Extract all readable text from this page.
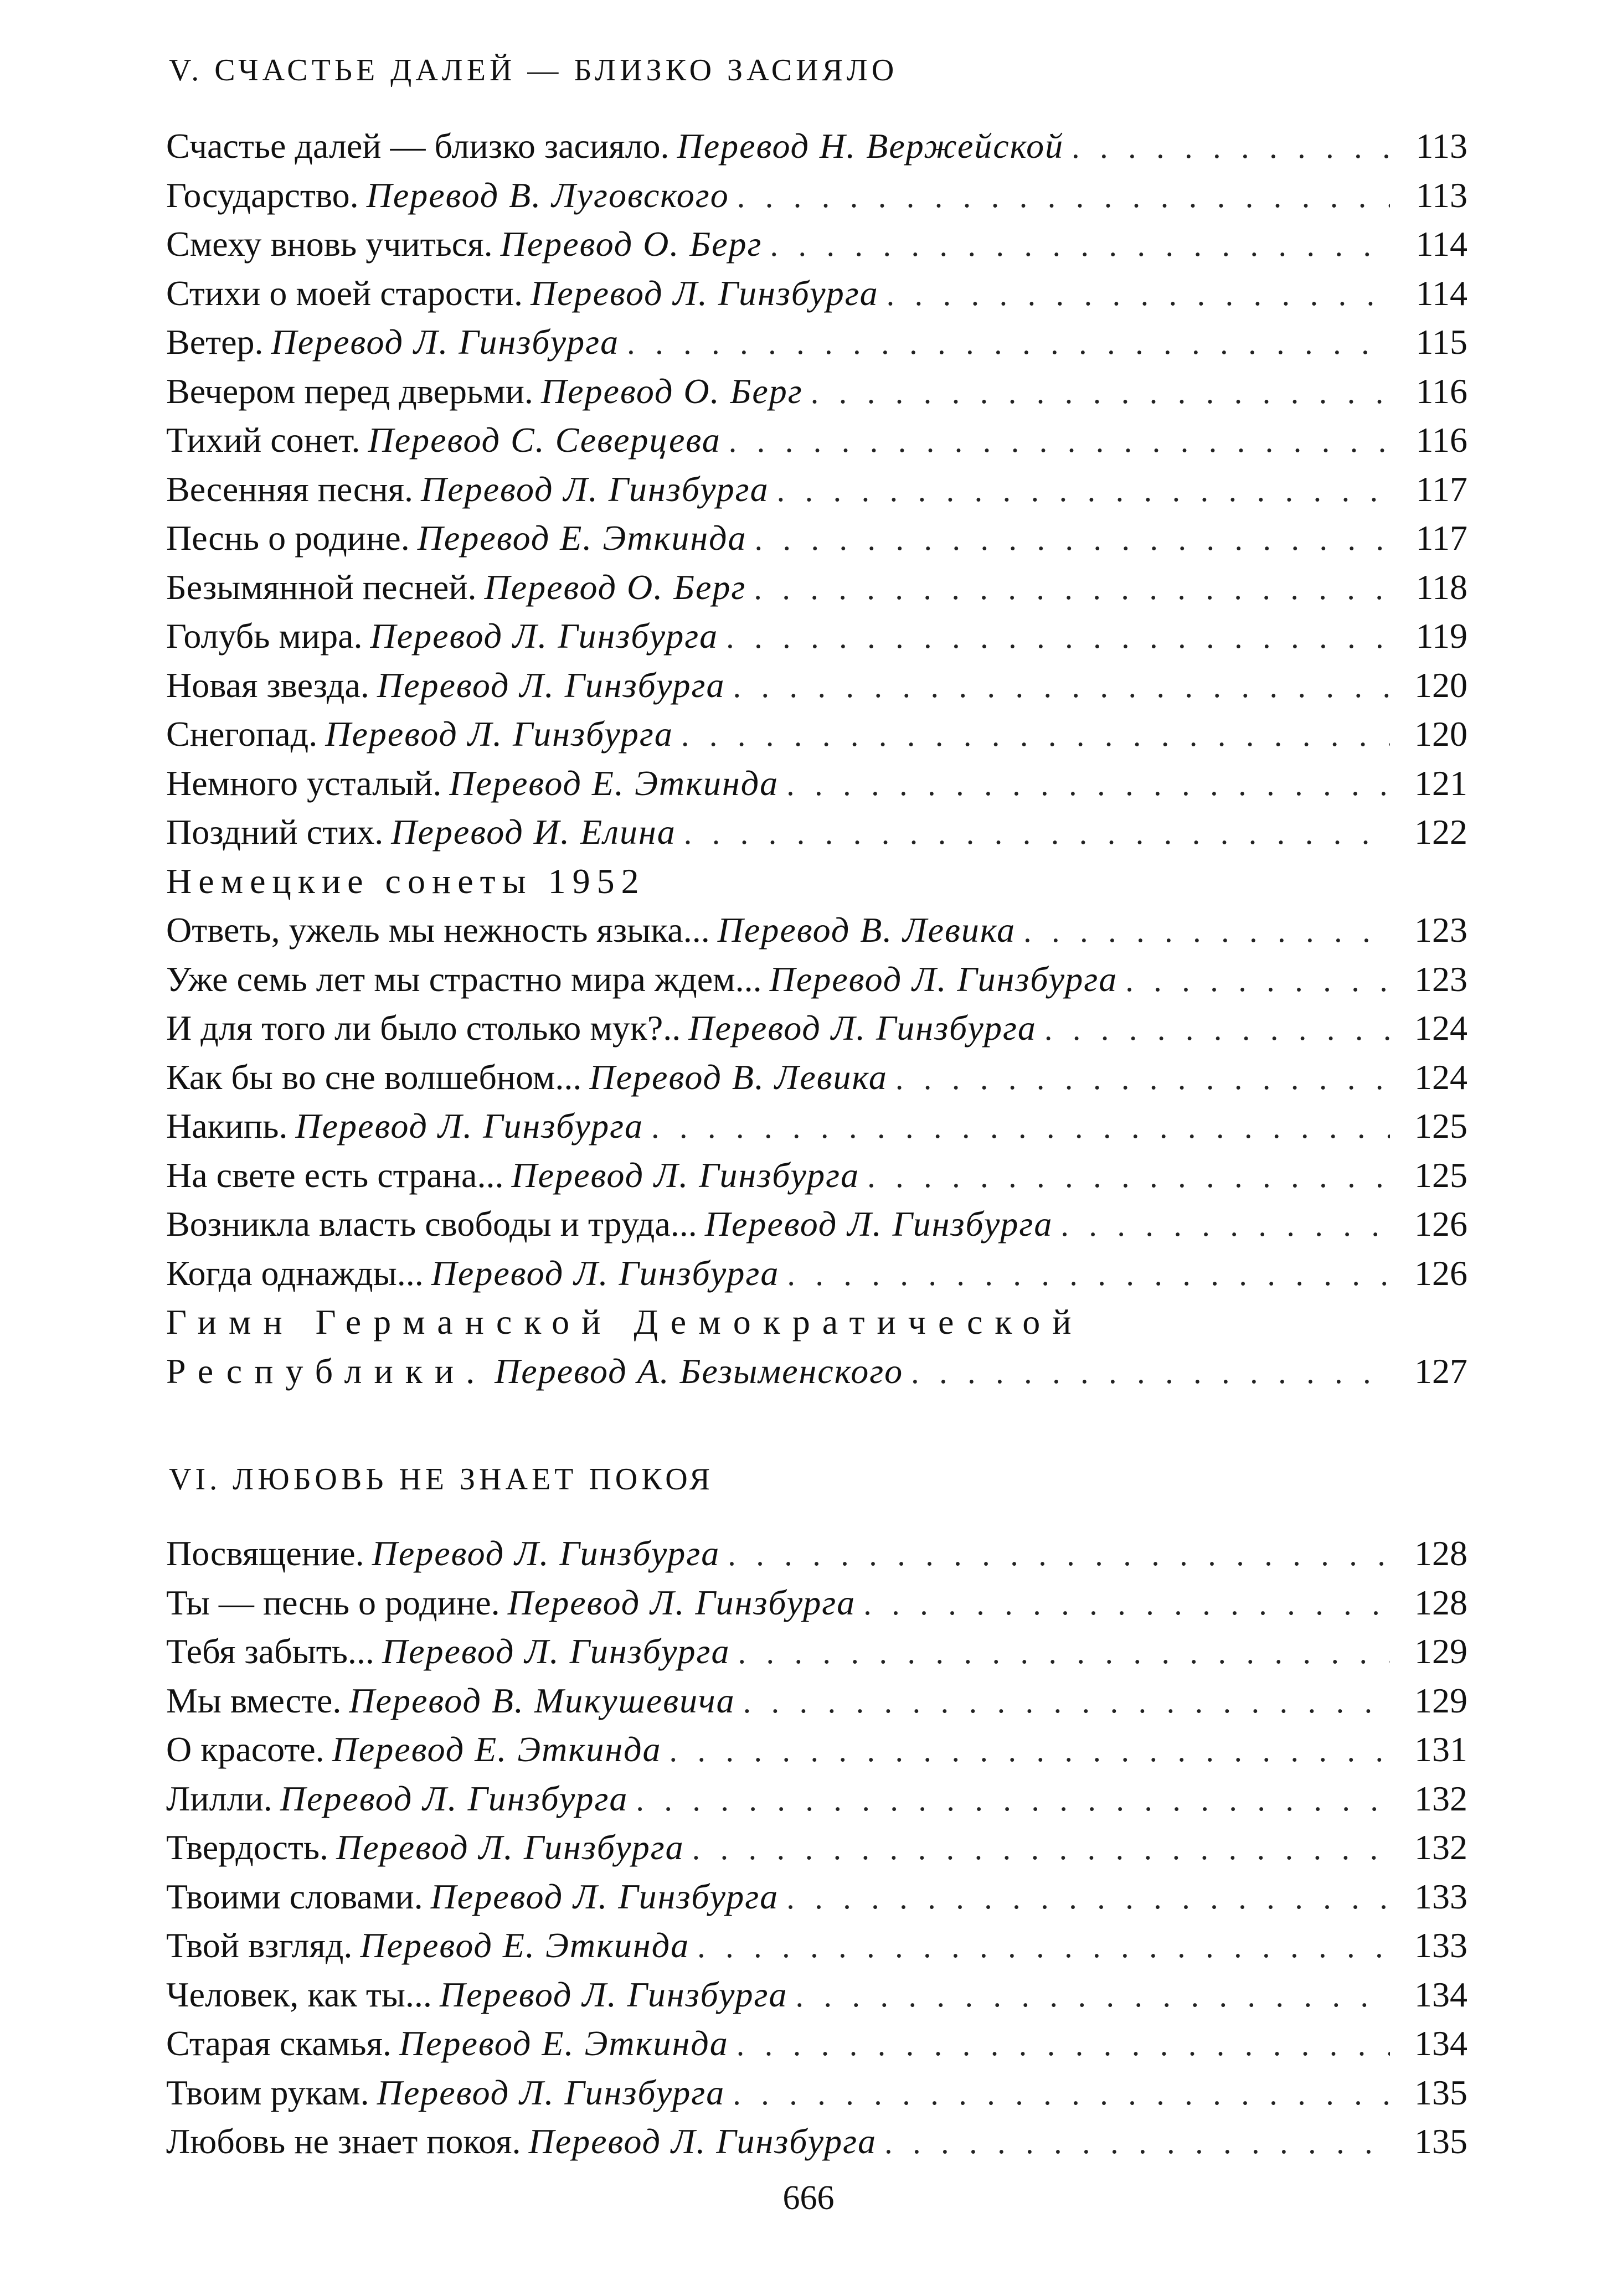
V. СЧАСТЬЕ ДАЛЕЙ — БЛИЗКО ЗАСИЯЛО
Счастье далей — близко засияло. Перевод Н. Вержейской . . .	113
Государство. Перевод В. Луговского . . .	113
Смеху вновь учиться. Перевод О. Берг . . .	114
Стихи о моей старости. Перевод Л. Гинзбурга . . .	114
Ветер. Перевод Л. Гинзбурга . . .	115
Вечером перед дверьми. Перевод О. Берг . . .	116
Тихий сонет. Перевод С. Северцева . . .	116
Весенняя песня. Перевод Л. Гинзбурга . . .	117
Песнь о родине. Перевод Е. Эткинда . . .	117
Безымянной песней. Перевод О. Берг . . .	118
Голубь мира. Перевод Л. Гинзбурга . . .	119
Новая звезда. Перевод Л. Гинзбурга . . .	120
Снегопад. Перевод Л. Гинзбурга . . .	120
Немного усталый. Перевод Е. Эткинда . . .	121
Поздний стих. Перевод И. Елина . . .	122
Немецкие сонеты 1952
Ответь, ужель мы нежность языка... Перевод В. Левика . . .	123
Уже семь лет мы страстно мира ждем... Перевод Л. Гинзбурга . . .	123
И для того ли было столько мук?.. Перевод Л. Гинзбурга . . .	124
Как бы во сне волшебном... Перевод В. Левика . . .	124
Накипь. Перевод Л. Гинзбурга . . .	125
На свете есть страна... Перевод Л. Гинзбурга . . .	125
Возникла власть свободы и труда... Перевод Л. Гинзбурга . . .	126
Когда однажды... Перевод Л. Гинзбурга . . .	126
Гимн Германской Демократической
Республики. Перевод А. Безыменского . . .	127
VI. ЛЮБОВЬ НЕ ЗНАЕТ ПОКОЯ
Посвящение. Перевод Л. Гинзбурга . . .	128
Ты — песнь о родине. Перевод Л. Гинзбурга . . .	128
Тебя забыть... Перевод Л. Гинзбурга . . .	129
Мы вместе. Перевод В. Микушевича . . .	129
О красоте. Перевод Е. Эткинда . . .	131
Лилли. Перевод Л. Гинзбурга . . .	132
Твердость. Перевод Л. Гинзбурга . . .	132
Твоими словами. Перевод Л. Гинзбурга . . .	133
Твой взгляд. Перевод Е. Эткинда . . .	133
Человек, как ты... Перевод Л. Гинзбурга . . .	134
Старая скамья. Перевод Е. Эткинда . . .	134
Твоим рукам. Перевод Л. Гинзбурга . . .	135
Любовь не знает покоя. Перевод Л. Гинзбурга . . .	135
666
